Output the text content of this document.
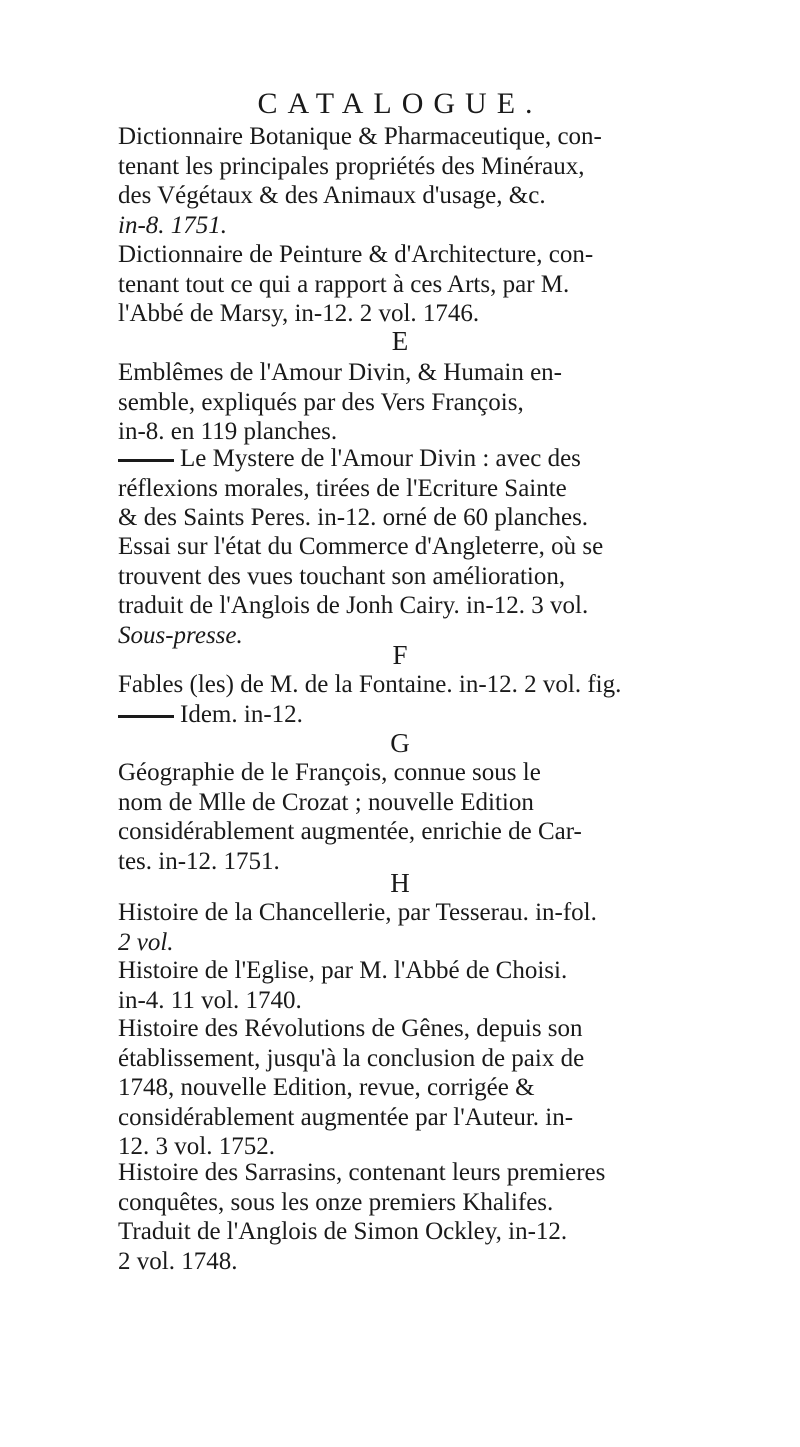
CATALOGUE.
Dictionnaire Botanique & Pharmaceutique, con-
tenant les principales propriétés des Minéraux,
des Végétaux & des Animaux d'usage, &c.
in-8. 1751.
Dictionnaire de Peinture & d'Architecture, con-
tenant tout ce qui a rapport à ces Arts, par M.
l'Abbé de Marsy, in-12. 2 vol. 1746.
E
Emblêmes de l'Amour Divin, & Humain en-
semble, expliqués par des Vers François,
in-8. en 119 planches.
Le Mystere de l'Amour Divin : avec des
réflexions morales, tirées de l'Ecriture Sainte
& des Saints Peres. in-12. orné de 60 planches.
Essai sur l'état du Commerce d'Angleterre, où se
trouvent des vues touchant son amélioration,
traduit de l'Anglois de Jonh Cairy. in-12. 3 vol.
Sous-presse.
F
Fables (les) de M. de la Fontaine. in-12. 2 vol. fig.
Idem. in-12.
G
Géographie de le François, connue sous le
nom de Mlle de Crozat ; nouvelle Edition
considérablement augmentée, enrichie de Car-
tes. in-12. 1751.
H
Histoire de la Chancellerie, par Tesserau. in-fol.
2 vol.
Histoire de l'Eglise, par M. l'Abbé de Choisi.
in-4. 11 vol. 1740.
Histoire des Révolutions de Gênes, depuis son
établissement, jusqu'à la conclusion de paix de
1748, nouvelle Edition, revue, corrigée &
considérablement augmentée par l'Auteur. in-
12. 3 vol. 1752.
Histoire des Sarrasins, contenant leurs premieres
conquêtes, sous les onze premiers Khalifes.
Traduit de l'Anglois de Simon Ockley, in-12.
2 vol. 1748.
